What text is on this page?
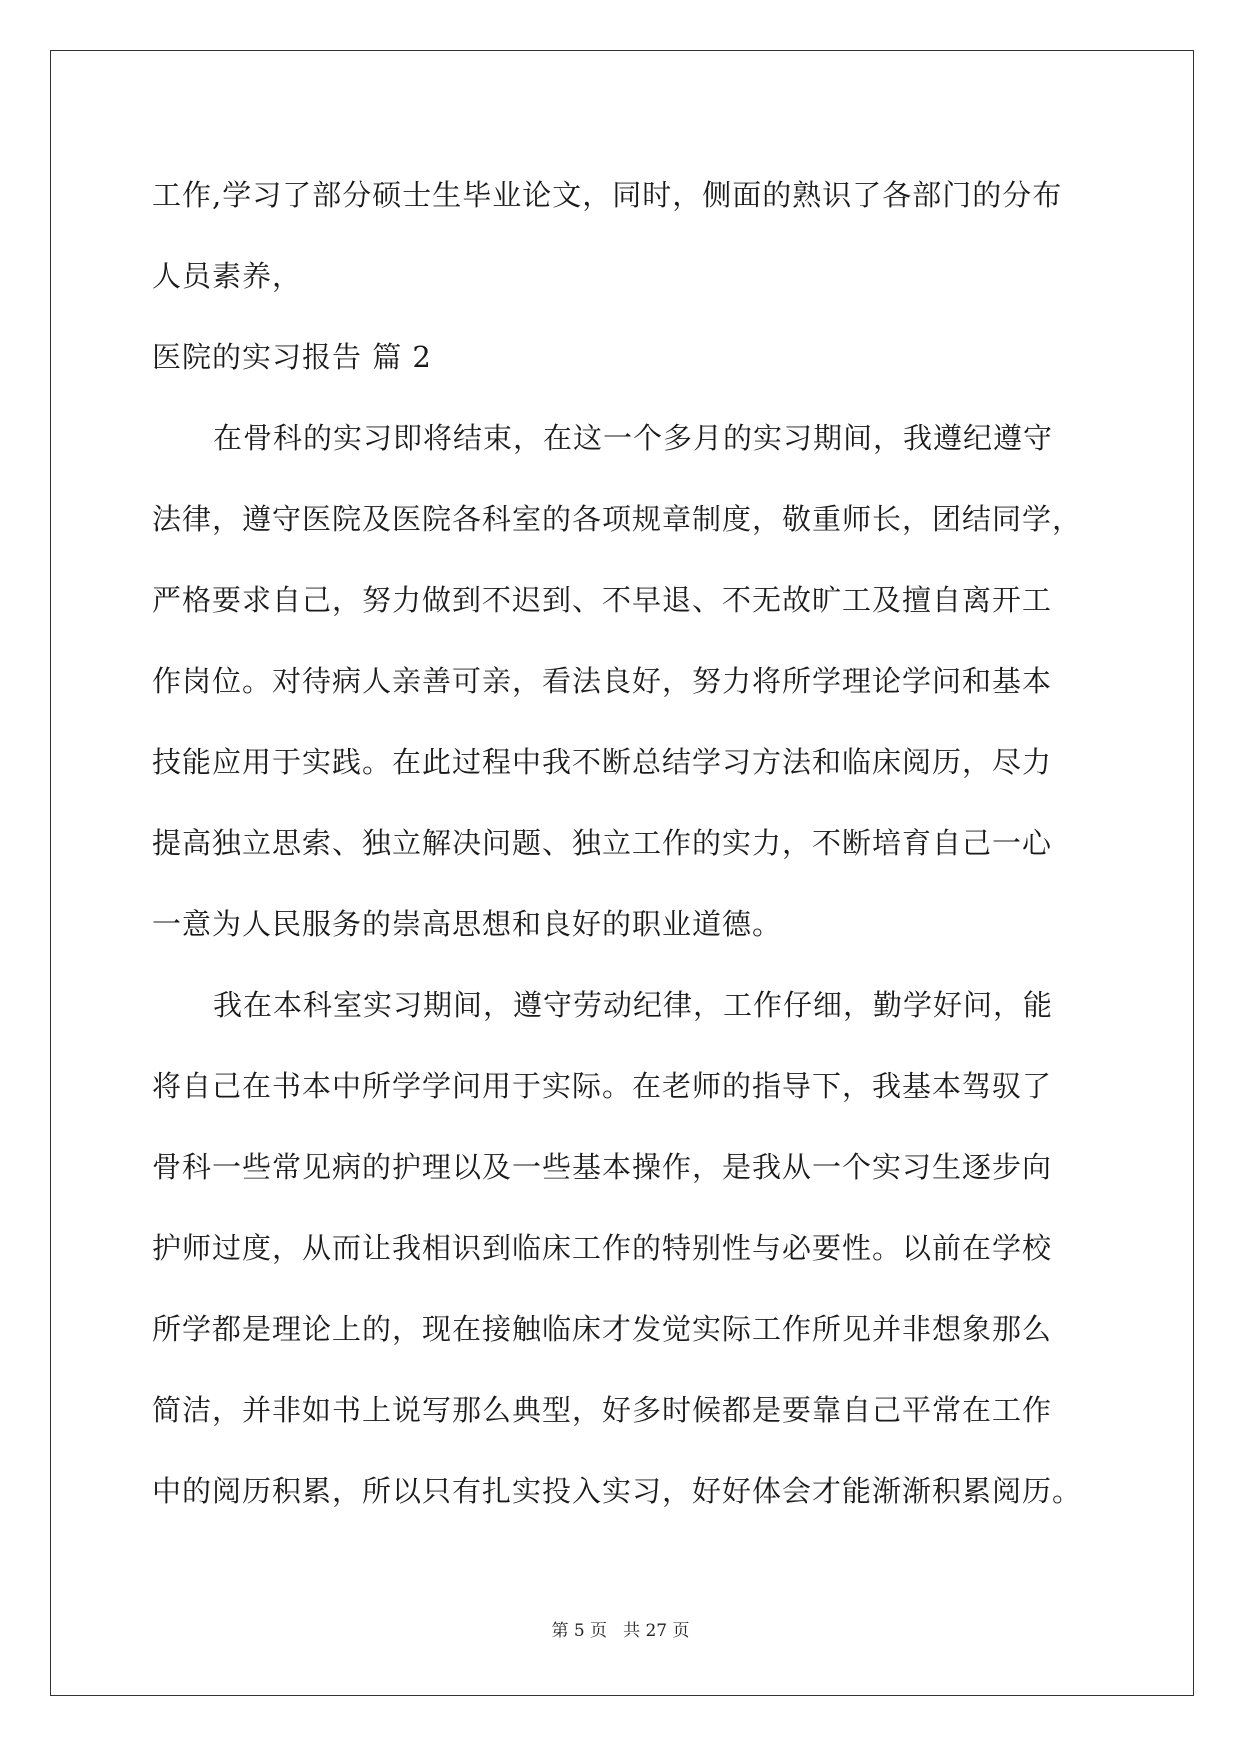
工作,学习了部分硕士生毕业论文，同时，侧面的熟识了各部门的分布
人员素养，
医院的实习报告 篇 2
在骨科的实习即将结束，在这一个多月的实习期间，我遵纪遵守
法律，遵守医院及医院各科室的各项规章制度，敬重师长，团结同学，
严格要求自己，努力做到不迟到、不早退、不无故旷工及擅自离开工
作岗位。对待病人亲善可亲，看法良好，努力将所学理论学问和基本
技能应用于实践。在此过程中我不断总结学习方法和临床阅历，尽力
提高独立思索、独立解决问题、独立工作的实力，不断培育自己一心
一意为人民服务的崇高思想和良好的职业道德。
我在本科室实习期间，遵守劳动纪律，工作仔细，勤学好问，能
将自己在书本中所学学问用于实际。在老师的指导下，我基本驾驭了
骨科一些常见病的护理以及一些基本操作，是我从一个实习生逐步向
护师过度，从而让我相识到临床工作的特别性与必要性。以前在学校
所学都是理论上的，现在接触临床才发觉实际工作所见并非想象那么
简洁，并非如书上说写那么典型，好多时候都是要靠自己平常在工作
中的阅历积累，所以只有扎实投入实习，好好体会才能渐渐积累阅历。
第 5 页 共 27 页
